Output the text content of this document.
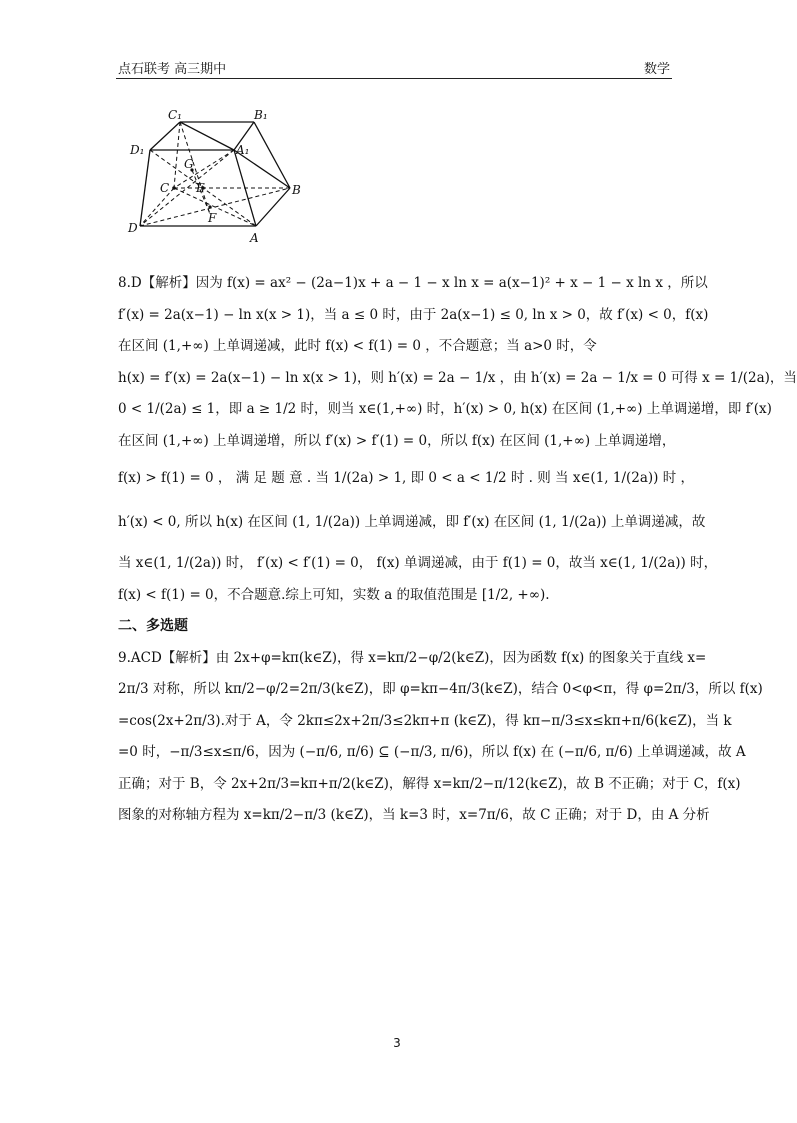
点石联考 高三期中	数学
C₁	B₁
D₁	A₁
G
C E	B
F
D
A
8.D【解析】因为 f(x) = ax² − (2a−1)x + a − 1 − x ln x = a(x−1)² + x − 1 − x ln x ，所以
f′(x) = 2a(x−1) − ln x(x > 1)，当 a ≤ 0 时，由于 2a(x−1) ≤ 0, ln x > 0，故 f′(x) < 0，f(x)
在区间 (1,+∞) 上单调递减，此时 f(x) < f(1) = 0 ，不合题意；当 a>0 时，令
h(x) = f′(x) = 2a(x−1) − ln x(x > 1)，则 h′(x) = 2a − 1/x ，由 h′(x) = 2a − 1/x = 0 可得 x = 1/(2a)，当
0 < 1/(2a) ≤ 1，即 a ≥ 1/2 时，则当 x∈(1,+∞) 时，h′(x) > 0, h(x) 在区间 (1,+∞) 上单调递增，即 f′(x)
在区间 (1,+∞) 上单调递增，所以 f′(x) > f′(1) = 0，所以 f(x) 在区间 (1,+∞) 上单调递增，
f(x) > f(1) = 0 ， 满 足 题 意 . 当 1/(2a) > 1, 即 0 < a < 1/2 时 . 则 当 x∈(1, 1/(2a)) 时 ，
h′(x) < 0, 所以 h(x) 在区间 (1, 1/(2a)) 上单调递减，即 f′(x) 在区间 (1, 1/(2a)) 上单调递减，故
当 x∈(1, 1/(2a)) 时， f′(x) < f′(1) = 0， f(x) 单调递减，由于 f(1) = 0，故当 x∈(1, 1/(2a)) 时，
f(x) < f(1) = 0，不合题意.综上可知，实数 a 的取值范围是 [1/2, +∞).
二、多选题
9.ACD【解析】由 2x+φ=kπ(k∈Z)，得 x=kπ/2−φ/2(k∈Z)，因为函数 f(x) 的图象关于直线 x=
2π/3 对称，所以 kπ/2−φ/2=2π/3(k∈Z)，即 φ=kπ−4π/3(k∈Z)，结合 0<φ<π，得 φ=2π/3，所以 f(x)
=cos(2x+2π/3).对于 A，令 2kπ≤2x+2π/3≤2kπ+π (k∈Z)，得 kπ−π/3≤x≤kπ+π/6(k∈Z)，当 k
=0 时，−π/3≤x≤π/6，因为 (−π/6, π/6) ⊆ (−π/3, π/6)，所以 f(x) 在 (−π/6, π/6) 上单调递减，故 A
正确；对于 B，令 2x+2π/3=kπ+π/2(k∈Z)，解得 x=kπ/2−π/12(k∈Z)，故 B 不正确；对于 C，f(x)
图象的对称轴方程为 x=kπ/2−π/3 (k∈Z)，当 k=3 时，x=7π/6，故 C 正确；对于 D，由 A 分析
3
